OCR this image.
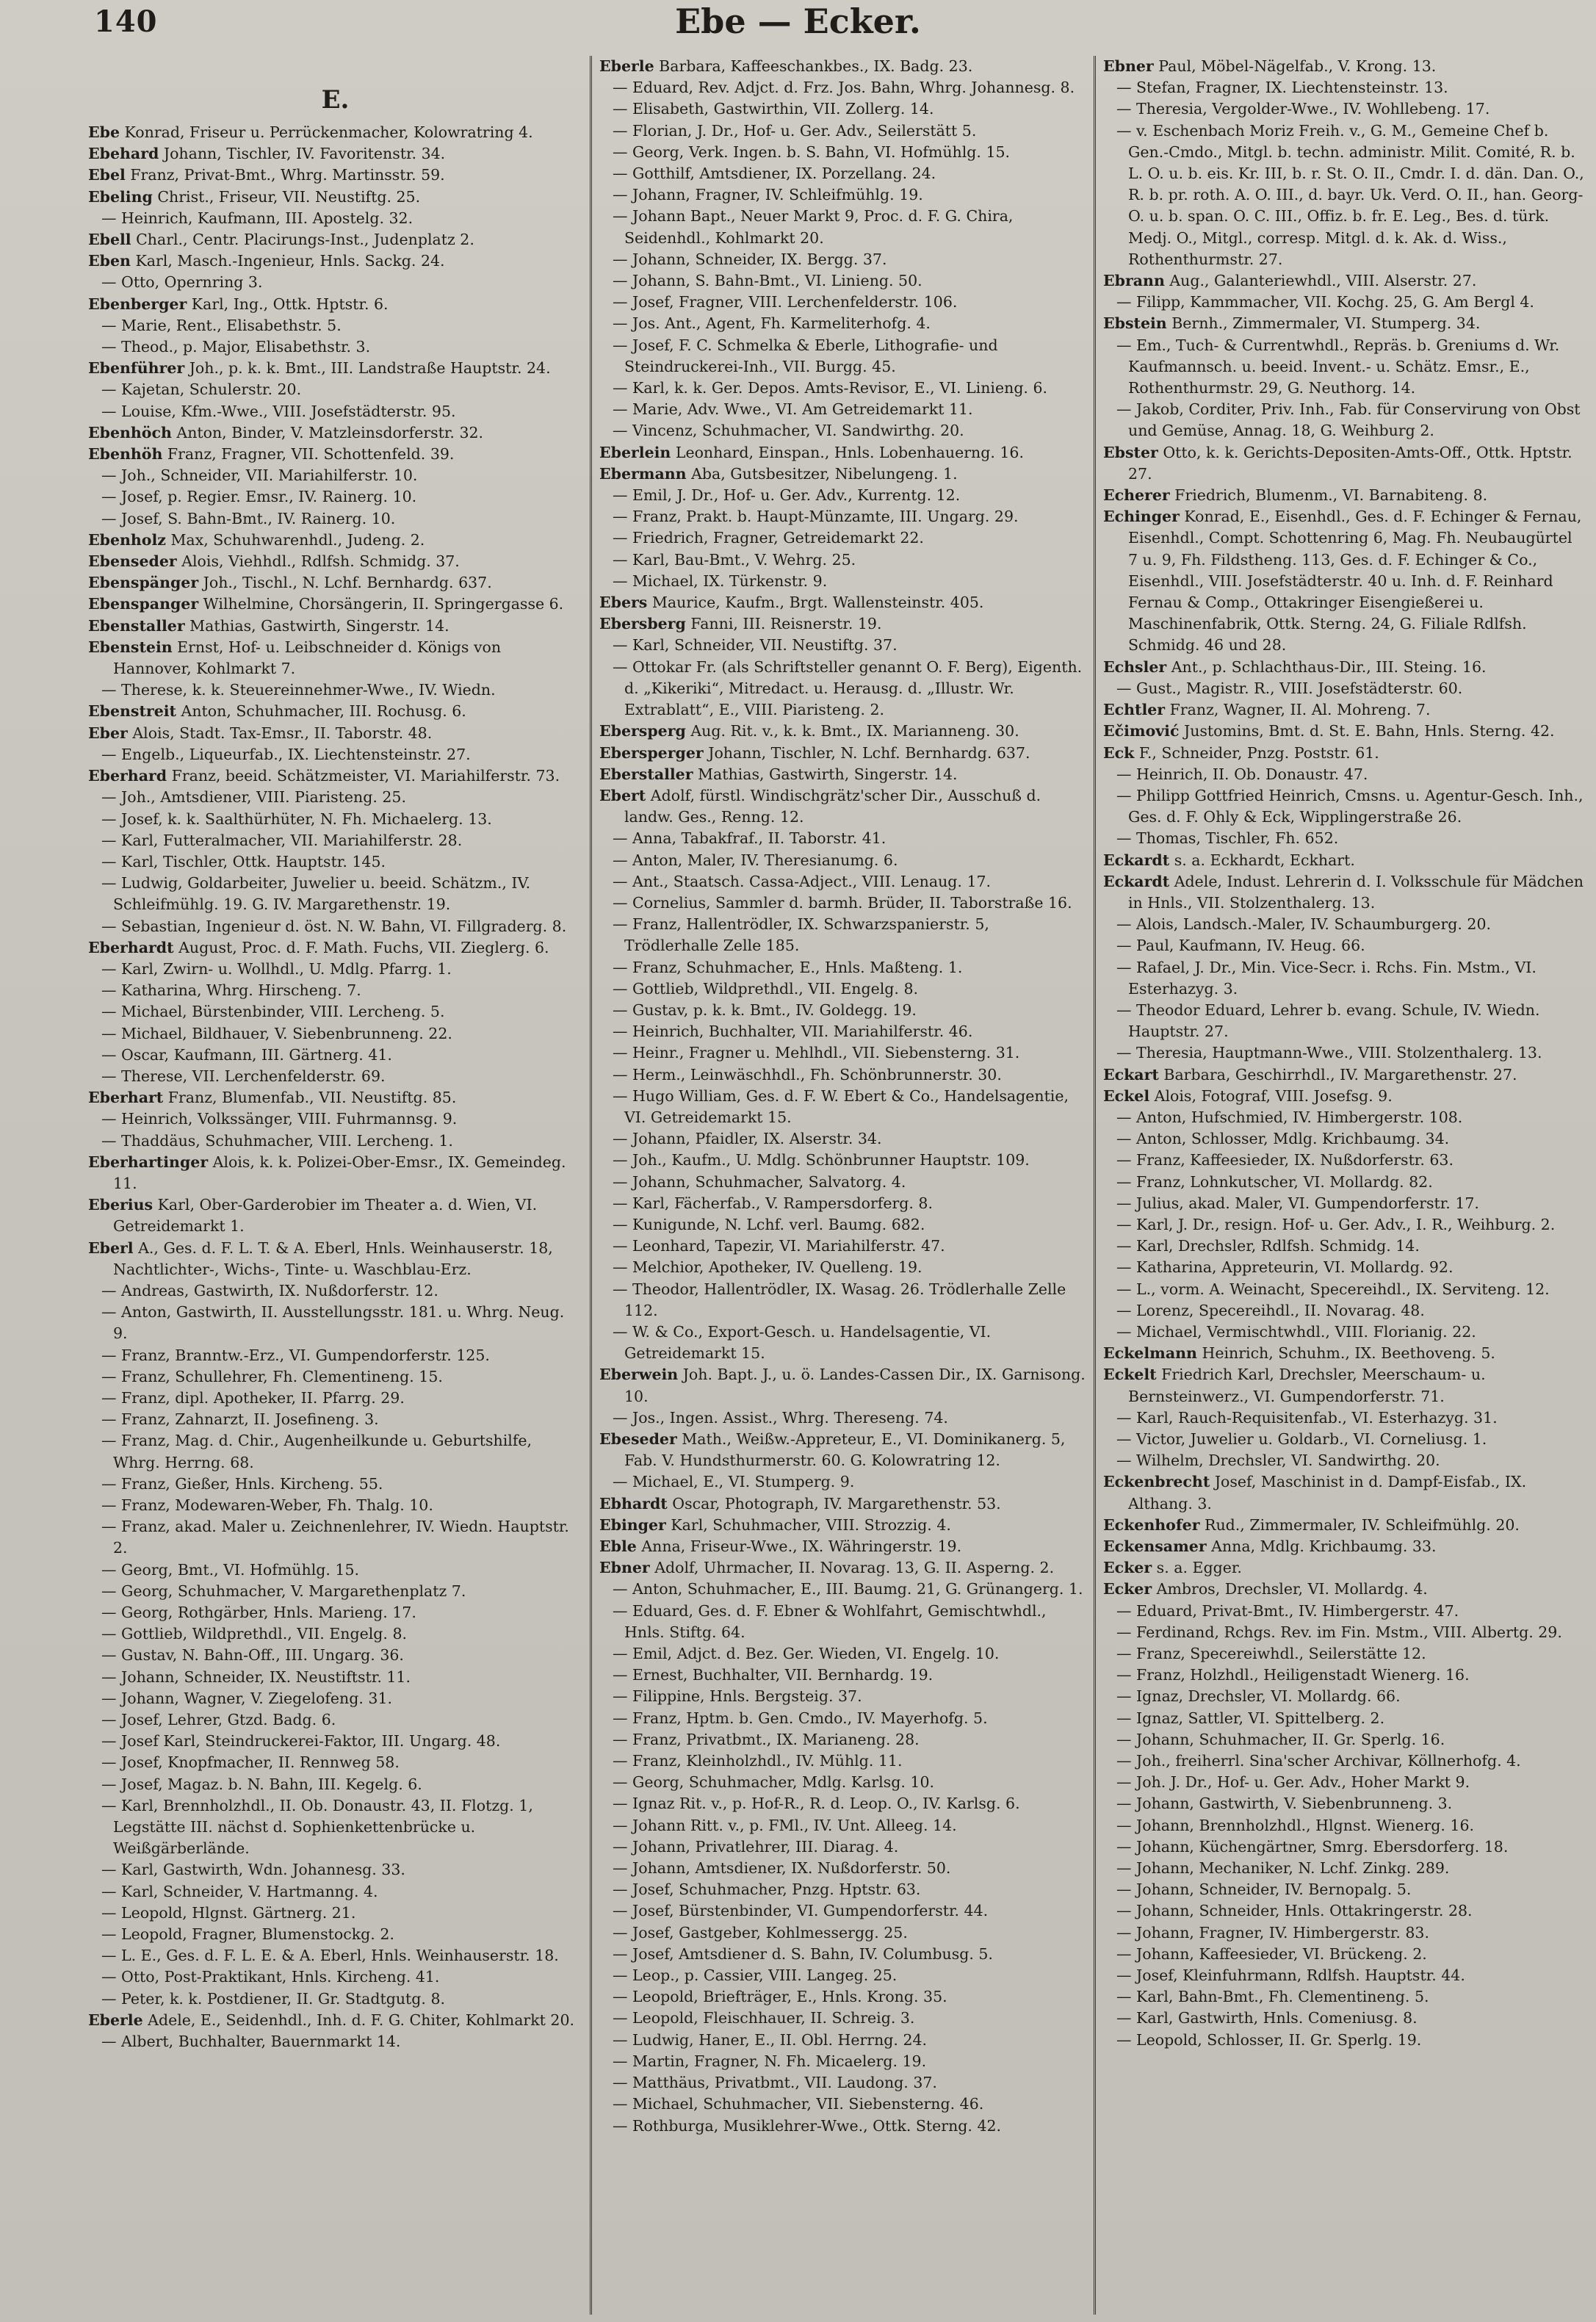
140	Ebe — Ecker.
E.

Ebe Konrad, Friseur u. Perrückenmacher, Kolowratring 4.

Ebehard Johann, Tischler, IV. Favoritenstr. 34.

Ebel Franz, Privat-Bmt., Whrg. Martinsstr. 59.

Ebeling Christ., Friseur, VII. Neustiftg. 25.

— Heinrich, Kaufmann, III. Apostelg. 32.

Ebell Charl., Centr. Placirungs-Inst., Judenplatz 2.

Eben Karl, Masch.-Ingenieur, Hnls. Sackg. 24.

— Otto, Opernring 3.

Ebenberger Karl, Ing., Ottk. Hptstr. 6.

— Marie, Rent., Elisabethstr. 5.

— Theod., p. Major, Elisabethstr. 3.

Ebenführer Joh., p. k. k. Bmt., III. Landstraße Hauptstr. 24.

— Kajetan, Schulerstr. 20.

— Louise, Kfm.-Wwe., VIII. Josefstädterstr. 95.

Ebenhöch Anton, Binder, V. Matzleinsdorferstr. 32.

Ebenhöh Franz, Fragner, VII. Schottenfeld. 39.

— Joh., Schneider, VII. Mariahilferstr. 10.

— Josef, p. Regier. Emsr., IV. Rainerg. 10.

— Josef, S. Bahn-Bmt., IV. Rainerg. 10.

Ebenholz Max, Schuhwarenhdl., Judeng. 2.

Ebenseder Alois, Viehhdl., Rdlfsh. Schmidg. 37.

Ebenspänger Joh., Tischl., N. Lchf. Bernhardg. 637.

Ebenspanger Wilhelmine, Chorsängerin, II. Springergasse 6.

Ebenstaller Mathias, Gastwirth, Singerstr. 14.

Ebenstein Ernst, Hof- u. Leibschneider d. Königs von Hannover, Kohlmarkt 7.

— Therese, k. k. Steuereinnehmer-Wwe., IV. Wiedn.

Ebenstreit Anton, Schuhmacher, III. Rochusg. 6.

Eber Alois, Stadt. Tax-Emsr., II. Taborstr. 48.

— Engelb., Liqueurfab., IX. Liechtensteinstr. 27.

Eberhard Franz, beeid. Schätzmeister, VI. Mariahilferstr. 73.

— Joh., Amtsdiener, VIII. Piaristeng. 25.

— Josef, k. k. Saalthürhüter, N. Fh. Michaelerg. 13.

— Karl, Futteralmacher, VII. Mariahilferstr. 28.

— Karl, Tischler, Ottk. Hauptstr. 145.

— Ludwig, Goldarbeiter, Juwelier u. beeid. Schätzm., IV. Schleifmühlg. 19. G. IV. Margarethenstr. 19.

— Sebastian, Ingenieur d. öst. N. W. Bahn, VI. Fillgraderg. 8.

Eberhardt August, Proc. d. F. Math. Fuchs, VII. Zieglerg. 6.

— Karl, Zwirn- u. Wollhdl., U. Mdlg. Pfarrg. 1.

— Katharina, Whrg. Hirscheng. 7.

— Michael, Bürstenbinder, VIII. Lercheng. 5.

— Michael, Bildhauer, V. Siebenbrunneng. 22.

— Oscar, Kaufmann, III. Gärtnerg. 41.

— Therese, VII. Lerchenfelderstr. 69.

Eberhart Franz, Blumenfab., VII. Neustiftg. 85.

— Heinrich, Volkssänger, VIII. Fuhrmannsg. 9.

— Thaddäus, Schuhmacher, VIII. Lercheng. 1.

Eberhartinger Alois, k. k. Polizei-Ober-Emsr., IX. Gemeindeg. 11.

Eberius Karl, Ober-Garderobier im Theater a. d. Wien, VI. Getreidemarkt 1.

Eberl A., Ges. d. F. L. T. & A. Eberl, Hnls. Weinhauserstr. 18, Nachtlichter-, Wichs-, Tinte- u. Waschblau-Erz.

— Andreas, Gastwirth, IX. Nußdorferstr. 12.

— Anton, Gastwirth, II. Ausstellungsstr. 181. u. Whrg. Neug. 9.

— Franz, Branntw.-Erz., VI. Gumpendorferstr. 125.

— Franz, Schullehrer, Fh. Clementineng. 15.

— Franz, dipl. Apotheker, II. Pfarrg. 29.

— Franz, Zahnarzt, II. Josefineng. 3.

— Franz, Mag. d. Chir., Augenheilkunde u. Geburtshilfe, Whrg. Herrng. 68.

— Franz, Gießer, Hnls. Kircheng. 55.

— Franz, Modewaren-Weber, Fh. Thalg. 10.

— Franz, akad. Maler u. Zeichnenlehrer, IV. Wiedn. Hauptstr. 2.

— Georg, Bmt., VI. Hofmühlg. 15.

— Georg, Schuhmacher, V. Margarethenplatz 7.

— Georg, Rothgärber, Hnls. Marieng. 17.

— Gottlieb, Wildprethdl., VII. Engelg. 8.

— Gustav, N. Bahn-Off., III. Ungarg. 36.

— Johann, Schneider, IX. Neustiftstr. 11.

— Johann, Wagner, V. Ziegelofeng. 31.

— Josef, Lehrer, Gtzd. Badg. 6.

— Josef Karl, Steindruckerei-Faktor, III. Ungarg. 48.

— Josef, Knopfmacher, II. Rennweg 58.

— Josef, Magaz. b. N. Bahn, III. Kegelg. 6.

— Karl, Brennholzhdl., II. Ob. Donaustr. 43, II. Flotzg. 1, Legstätte III. nächst d. Sophienkettenbrücke u. Weißgärberlände.

— Karl, Gastwirth, Wdn. Johannesg. 33.

— Karl, Schneider, V. Hartmanng. 4.

— Leopold, Hlgnst. Gärtnerg. 21.

— Leopold, Fragner, Blumenstockg. 2.

— L. E., Ges. d. F. L. E. & A. Eberl, Hnls. Weinhauserstr. 18.

— Otto, Post-Praktikant, Hnls. Kircheng. 41.

— Peter, k. k. Postdiener, II. Gr. Stadtgutg. 8.

Eberle Adele, E., Seidenhdl., Inh. d. F. G. Chiter, Kohlmarkt 20.

— Albert, Buchhalter, Bauernmarkt 14.

Eberle Barbara, Kaffeeschankbes., IX. Badg. 23.

— Eduard, Rev. Adjct. d. Frz. Jos. Bahn, Whrg. Johannesg. 8.

— Elisabeth, Gastwirthin, VII. Zollerg. 14.

— Florian, J. Dr., Hof- u. Ger. Adv., Seilerstätt 5.

— Georg, Verk. Ingen. b. S. Bahn, VI. Hofmühlg. 15.

— Gotthilf, Amtsdiener, IX. Porzellang. 24.

— Johann, Fragner, IV. Schleifmühlg. 19.

— Johann Bapt., Neuer Markt 9, Proc. d. F. G. Chira, Seidenhdl., Kohlmarkt 20.

— Johann, Schneider, IX. Bergg. 37.

— Johann, S. Bahn-Bmt., VI. Linieng. 50.

— Josef, Fragner, VIII. Lerchenfelderstr. 106.

— Jos. Ant., Agent, Fh. Karmeliterhofg. 4.

— Josef, F. C. Schmelka & Eberle, Lithografie- und Steindruckerei-Inh., VII. Burgg. 45.

— Karl, k. k. Ger. Depos. Amts-Revisor, E., VI. Linieng. 6.

— Marie, Adv. Wwe., VI. Am Getreidemarkt 11.

— Vincenz, Schuhmacher, VI. Sandwirthg. 20.

Eberlein Leonhard, Einspan., Hnls. Lobenhauerng. 16.

Ebermann Aba, Gutsbesitzer, Nibelungeng. 1.

— Emil, J. Dr., Hof- u. Ger. Adv., Kurrentg. 12.

— Franz, Prakt. b. Haupt-Münzamte, III. Ungarg. 29.

— Friedrich, Fragner, Getreidemarkt 22.

— Karl, Bau-Bmt., V. Wehrg. 25.

— Michael, IX. Türkenstr. 9.

Ebers Maurice, Kaufm., Brgt. Wallensteinstr. 405.

Ebersberg Fanni, III. Reisnerstr. 19.

— Karl, Schneider, VII. Neustiftg. 37.

— Ottokar Fr. (als Schriftsteller genannt O. F. Berg), Eigenth. d. „Kikeriki“, Mitredact. u. Herausg. d. „Illustr. Wr. Extrablatt“, E., VIII. Piaristeng. 2.

Ebersperg Aug. Rit. v., k. k. Bmt., IX. Marianneng. 30.

Ebersperger Johann, Tischler, N. Lchf. Bernhardg. 637.

Eberstaller Mathias, Gastwirth, Singerstr. 14.

Ebert Adolf, fürstl. Windischgrätz'scher Dir., Ausschuß d. landw. Ges., Renng. 12.

— Anna, Tabakfraf., II. Taborstr. 41.

— Anton, Maler, IV. Theresianumg. 6.

— Ant., Staatsch. Cassa-Adject., VIII. Lenaug. 17.

— Cornelius, Sammler d. barmh. Brüder, II. Taborstraße 16.

— Franz, Hallentrödler, IX. Schwarzspanierstr. 5, Trödlerhalle Zelle 185.

— Franz, Schuhmacher, E., Hnls. Maßteng. 1.

— Gottlieb, Wildprethdl., VII. Engelg. 8.

— Gustav, p. k. k. Bmt., IV. Goldegg. 19.

— Heinrich, Buchhalter, VII. Mariahilferstr. 46.

— Heinr., Fragner u. Mehlhdl., VII. Siebensterng. 31.

— Herm., Leinwäschhdl., Fh. Schönbrunnerstr. 30.

— Hugo William, Ges. d. F. W. Ebert & Co., Handelsagentie, VI. Getreidemarkt 15.

— Johann, Pfaidler, IX. Alserstr. 34.

— Joh., Kaufm., U. Mdlg. Schönbrunner Hauptstr. 109.

— Johann, Schuhmacher, Salvatorg. 4.

— Karl, Fächerfab., V. Rampersdorferg. 8.

— Kunigunde, N. Lchf. verl. Baumg. 682.

— Leonhard, Tapezir, VI. Mariahilferstr. 47.

— Melchior, Apotheker, IV. Quelleng. 19.

— Theodor, Hallentrödler, IX. Wasag. 26. Trödlerhalle Zelle 112.

— W. & Co., Export-Gesch. u. Handelsagentie, VI. Getreidemarkt 15.

Eberwein Joh. Bapt. J., u. ö. Landes-Cassen Dir., IX. Garnisong. 10.

— Jos., Ingen. Assist., Whrg. Thereseng. 74.

Ebeseder Math., Weißw.-Appreteur, E., VI. Dominikanerg. 5, Fab. V. Hundsthurmerstr. 60. G. Kolowratring 12.

— Michael, E., VI. Stumperg. 9.

Ebhardt Oscar, Photograph, IV. Margarethenstr. 53.

Ebinger Karl, Schuhmacher, VIII. Strozzig. 4.

Eble Anna, Friseur-Wwe., IX. Währingerstr. 19.

Ebner Adolf, Uhrmacher, II. Novarag. 13, G. II. Asperng. 2.

— Anton, Schuhmacher, E., III. Baumg. 21, G. Grünangerg. 1.

— Eduard, Ges. d. F. Ebner & Wohlfahrt, Gemischtwhdl., Hnls. Stiftg. 64.

— Emil, Adjct. d. Bez. Ger. Wieden, VI. Engelg. 10.

— Ernest, Buchhalter, VII. Bernhardg. 19.

— Filippine, Hnls. Bergsteig. 37.

— Franz, Hptm. b. Gen. Cmdo., IV. Mayerhofg. 5.

— Franz, Privatbmt., IX. Marianeng. 28.

— Franz, Kleinholzhdl., IV. Mühlg. 11.

— Georg, Schuhmacher, Mdlg. Karlsg. 10.

— Ignaz Rit. v., p. Hof-R., R. d. Leop. O., IV. Karlsg. 6.

— Johann Ritt. v., p. FMl., IV. Unt. Alleeg. 14.

— Johann, Privatlehrer, III. Diarag. 4.

— Johann, Amtsdiener, IX. Nußdorferstr. 50.

— Josef, Schuhmacher, Pnzg. Hptstr. 63.

— Josef, Bürstenbinder, VI. Gumpendorferstr. 44.

— Josef, Gastgeber, Kohlmessergg. 25.

— Josef, Amtsdiener d. S. Bahn, IV. Columbusg. 5.

— Leop., p. Cassier, VIII. Langeg. 25.

— Leopold, Briefträger, E., Hnls. Krong. 35.

— Leopold, Fleischhauer, II. Schreig. 3.

— Ludwig, Haner, E., II. Obl. Herrng. 24.

— Martin, Fragner, N. Fh. Micaelerg. 19.

— Matthäus, Privatbmt., VII. Laudong. 37.

— Michael, Schuhmacher, VII. Siebensterng. 46.

— Rothburga, Musiklehrer-Wwe., Ottk. Sterng. 42.

Ebner Paul, Möbel-Nägelfab., V. Krong. 13.

— Stefan, Fragner, IX. Liechtensteinstr. 13.

— Theresia, Vergolder-Wwe., IV. Wohllebeng. 17.

— v. Eschenbach Moriz Freih. v., G. M., Gemeine Chef b. Gen.-Cmdo., Mitgl. b. techn. administr. Milit. Comité, R. b. L. O. u. b. eis. Kr. III, b. r. St. O. II., Cmdr. I. d. dän. Dan. O., R. b. pr. roth. A. O. III., d. bayr. Uk. Verd. O. II., han. Georg-O. u. b. span. O. C. III., Offiz. b. fr. E. Leg., Bes. d. türk. Medj. O., Mitgl., corresp. Mitgl. d. k. Ak. d. Wiss., Rothenthurmstr. 27.

Ebrann Aug., Galanteriewhdl., VIII. Alserstr. 27.

— Filipp, Kammmacher, VII. Kochg. 25, G. Am Bergl 4.

Ebstein Bernh., Zimmermaler, VI. Stumperg. 34.

— Em., Tuch- & Currentwhdl., Repräs. b. Greniums d. Wr. Kaufmannsch. u. beeid. Invent.- u. Schätz. Emsr., E., Rothenthurmstr. 29, G. Neuthorg. 14.

— Jakob, Corditer, Priv. Inh., Fab. für Conservirung von Obst und Gemüse, Annag. 18, G. Weihburg 2.

Ebster Otto, k. k. Gerichts-Depositen-Amts-Off., Ottk. Hptstr. 27.

Echerer Friedrich, Blumenm., VI. Barnabiteng. 8.

Echinger Konrad, E., Eisenhdl., Ges. d. F. Echinger & Fernau, Eisenhdl., Compt. Schottenring 6, Mag. Fh. Neubaugürtel 7 u. 9, Fh. Fildstheng. 113, Ges. d. F. Echinger & Co., Eisenhdl., VIII. Josefstädterstr. 40 u. Inh. d. F. Reinhard Fernau & Comp., Ottakringer Eisengießerei u. Maschinenfabrik, Ottk. Sterng. 24, G. Filiale Rdlfsh. Schmidg. 46 und 28.

Echsler Ant., p. Schlachthaus-Dir., III. Steing. 16.

— Gust., Magistr. R., VIII. Josefstädterstr. 60.

Echtler Franz, Wagner, II. Al. Mohreng. 7.

Ečimović Justomins, Bmt. d. St. E. Bahn, Hnls. Sterng. 42.

Eck F., Schneider, Pnzg. Poststr. 61.

— Heinrich, II. Ob. Donaustr. 47.

— Philipp Gottfried Heinrich, Cmsns. u. Agentur-Gesch. Inh., Ges. d. F. Ohly & Eck, Wipplingerstraße 26.

— Thomas, Tischler, Fh. 652.

Eckardt s. a. Eckhardt, Eckhart.

Eckardt Adele, Indust. Lehrerin d. I. Volksschule für Mädchen in Hnls., VII. Stolzenthalerg. 13.

— Alois, Landsch.-Maler, IV. Schaumburgerg. 20.

— Paul, Kaufmann, IV. Heug. 66.

— Rafael, J. Dr., Min. Vice-Secr. i. Rchs. Fin. Mstm., VI. Esterhazyg. 3.

— Theodor Eduard, Lehrer b. evang. Schule, IV. Wiedn. Hauptstr. 27.

— Theresia, Hauptmann-Wwe., VIII. Stolzenthalerg. 13.

Eckart Barbara, Geschirrhdl., IV. Margarethenstr. 27.

Eckel Alois, Fotograf, VIII. Josefsg. 9.

— Anton, Hufschmied, IV. Himbergerstr. 108.

— Anton, Schlosser, Mdlg. Krichbaumg. 34.

— Franz, Kaffeesieder, IX. Nußdorferstr. 63.

— Franz, Lohnkutscher, VI. Mollardg. 82.

— Julius, akad. Maler, VI. Gumpendorferstr. 17.

— Karl, J. Dr., resign. Hof- u. Ger. Adv., I. R., Weihburg. 2.

— Karl, Drechsler, Rdlfsh. Schmidg. 14.

— Katharina, Appreteurin, VI. Mollardg. 92.

— L., vorm. A. Weinacht, Specereihdl., IX. Serviteng. 12.

— Lorenz, Specereihdl., II. Novarag. 48.

— Michael, Vermischtwhdl., VIII. Florianig. 22.

Eckelmann Heinrich, Schuhm., IX. Beethoveng. 5.

Eckelt Friedrich Karl, Drechsler, Meerschaum- u. Bernsteinwerz., VI. Gumpendorferstr. 71.

— Karl, Rauch-Requisitenfab., VI. Esterhazyg. 31.

— Victor, Juwelier u. Goldarb., VI. Corneliusg. 1.

— Wilhelm, Drechsler, VI. Sandwirthg. 20.

Eckenbrecht Josef, Maschinist in d. Dampf-Eisfab., IX. Althang. 3.

Eckenhofer Rud., Zimmermaler, IV. Schleifmühlg. 20.

Eckensamer Anna, Mdlg. Krichbaumg. 33.

Ecker s. a. Egger.

Ecker Ambros, Drechsler, VI. Mollardg. 4.

— Eduard, Privat-Bmt., IV. Himbergerstr. 47.

— Ferdinand, Rchgs. Rev. im Fin. Mstm., VIII. Albertg. 29.

— Franz, Specereiwhdl., Seilerstätte 12.

— Franz, Holzhdl., Heiligenstadt Wienerg. 16.

— Ignaz, Drechsler, VI. Mollardg. 66.

— Ignaz, Sattler, VI. Spittelberg. 2.

— Johann, Schuhmacher, II. Gr. Sperlg. 16.

— Joh., freiherrl. Sina'scher Archivar, Köllnerhofg. 4.

— Joh. J. Dr., Hof- u. Ger. Adv., Hoher Markt 9.

— Johann, Gastwirth, V. Siebenbrunneng. 3.

— Johann, Brennholzhdl., Hlgnst. Wienerg. 16.

— Johann, Küchengärtner, Smrg. Ebersdorferg. 18.

— Johann, Mechaniker, N. Lchf. Zinkg. 289.

— Johann, Schneider, IV. Bernopalg. 5.

— Johann, Schneider, Hnls. Ottakringerstr. 28.

— Johann, Fragner, IV. Himbergerstr. 83.

— Johann, Kaffeesieder, VI. Brückeng. 2.

— Josef, Kleinfuhrmann, Rdlfsh. Hauptstr. 44.

— Karl, Bahn-Bmt., Fh. Clementineng. 5.

— Karl, Gastwirth, Hnls. Comeniusg. 8.

— Leopold, Schlosser, II. Gr. Sperlg. 19.
